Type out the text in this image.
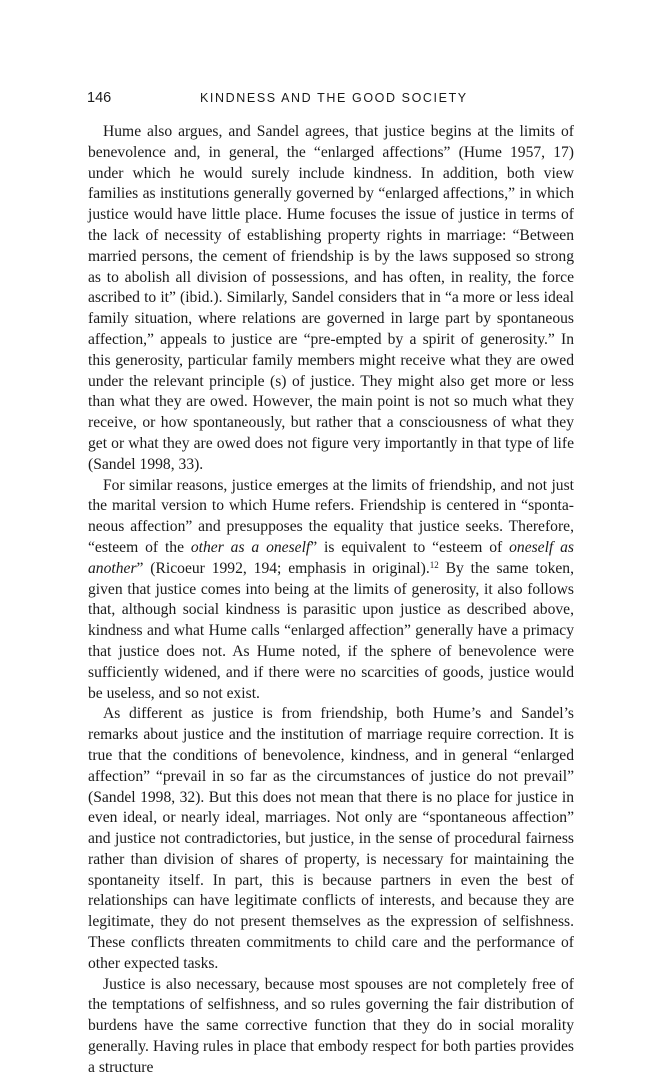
146	KINDNESS AND THE GOOD SOCIETY

Hume also argues, and Sandel agrees, that justice begins at the limits of benevolence and, in general, the “enlarged affections” (Hume 1957, 17) under which he would surely include kindness. In addition, both view families as institutions generally governed by “enlarged affections,” in which justice would have little place. Hume focuses the issue of justice in terms of the lack of necessity of establishing property rights in marriage: “Between married persons, the cement of friendship is by the laws supposed so strong as to abolish all division of possessions, and has often, in reality, the force ascribed to it” (ibid.). Similarly, Sandel considers that in “a more or less ideal family situation, where relations are governed in large part by spontaneous affection,” appeals to justice are “pre-empted by a spirit of generosity.” In this generosity, particular family members might receive what they are owed under the relevant principle (s) of justice. They might also get more or less than what they are owed. However, the main point is not so much what they receive, or how spontaneously, but rather that a consciousness of what they get or what they are owed does not figure very importantly in that type of life (Sandel 1998, 33).

For similar reasons, justice emerges at the limits of friendship, and not just the marital version to which Hume refers. Friendship is centered in “spontaneous affection” and presupposes the equality that justice seeks. Therefore, “esteem of the other as a oneself” is equivalent to “esteem of oneself as another” (Ricoeur 1992, 194; emphasis in original).$^{12}$ By the same token, given that justice comes into being at the limits of generosity, it also follows that, although social kindness is parasitic upon justice as described above, kindness and what Hume calls “enlarged affection” generally have a primacy that justice does not. As Hume noted, if the sphere of benevolence were sufficiently widened, and if there were no scarcities of goods, justice would be useless, and so not exist.

As different as justice is from friendship, both Hume’s and Sandel’s remarks about justice and the institution of marriage require correction. It is true that the conditions of benevolence, kindness, and in general “enlarged affection” “prevail in so far as the circumstances of justice do not prevail” (Sandel 1998, 32). But this does not mean that there is no place for justice in even ideal, or nearly ideal, marriages. Not only are “spontaneous affection” and justice not contradictories, but justice, in the sense of procedural fairness rather than division of shares of property, is necessary for maintaining the spontaneity itself. In part, this is because partners in even the best of relationships can have legitimate conflicts of interests, and because they are legitimate, they do not present themselves as the expression of selfishness. These conflicts threaten commitments to child care and the performance of other expected tasks.

Justice is also necessary, because most spouses are not completely free of the temptations of selfishness, and so rules governing the fair distribution of burdens have the same corrective function that they do in social morality generally. Having rules in place that embody respect for both parties provides a structure
